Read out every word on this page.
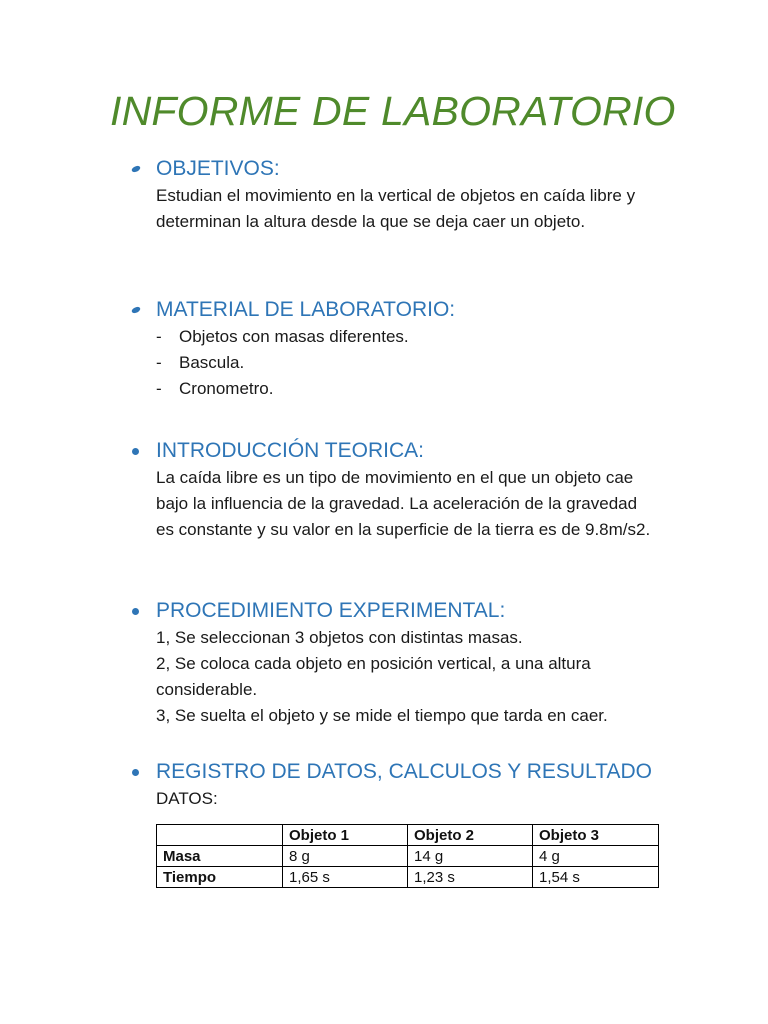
INFORME DE LABORATORIO
OBJETIVOS:

Estudian el movimiento en la vertical de objetos en caída libre y determinan la altura desde la que se deja caer un objeto.

MATERIAL DE LABORATORIO:
- Objetos con masas diferentes.
- Bascula.
- Cronometro.
INTRODUCCIÓN TEORICA:

La caída libre es un tipo de movimiento en el que un objeto cae bajo la influencia de la gravedad. La aceleración de la gravedad es constante y su valor en la superficie de la tierra es de 9.8m/s2.

PROCEDIMIENTO EXPERIMENTAL:

1, Se seleccionan 3 objetos con distintas masas.

2, Se coloca cada objeto en posición vertical, a una altura considerable.

3, Se suelta el objeto y se mide el tiempo que tarda en caer.

REGISTRO DE DATOS, CALCULOS Y RESULTADO

DATOS:

	Objeto 1	Objeto 2	Objeto 3
Masa	8 g	14 g	4 g
Tiempo	1,65 s	1,23 s	1,54 s
